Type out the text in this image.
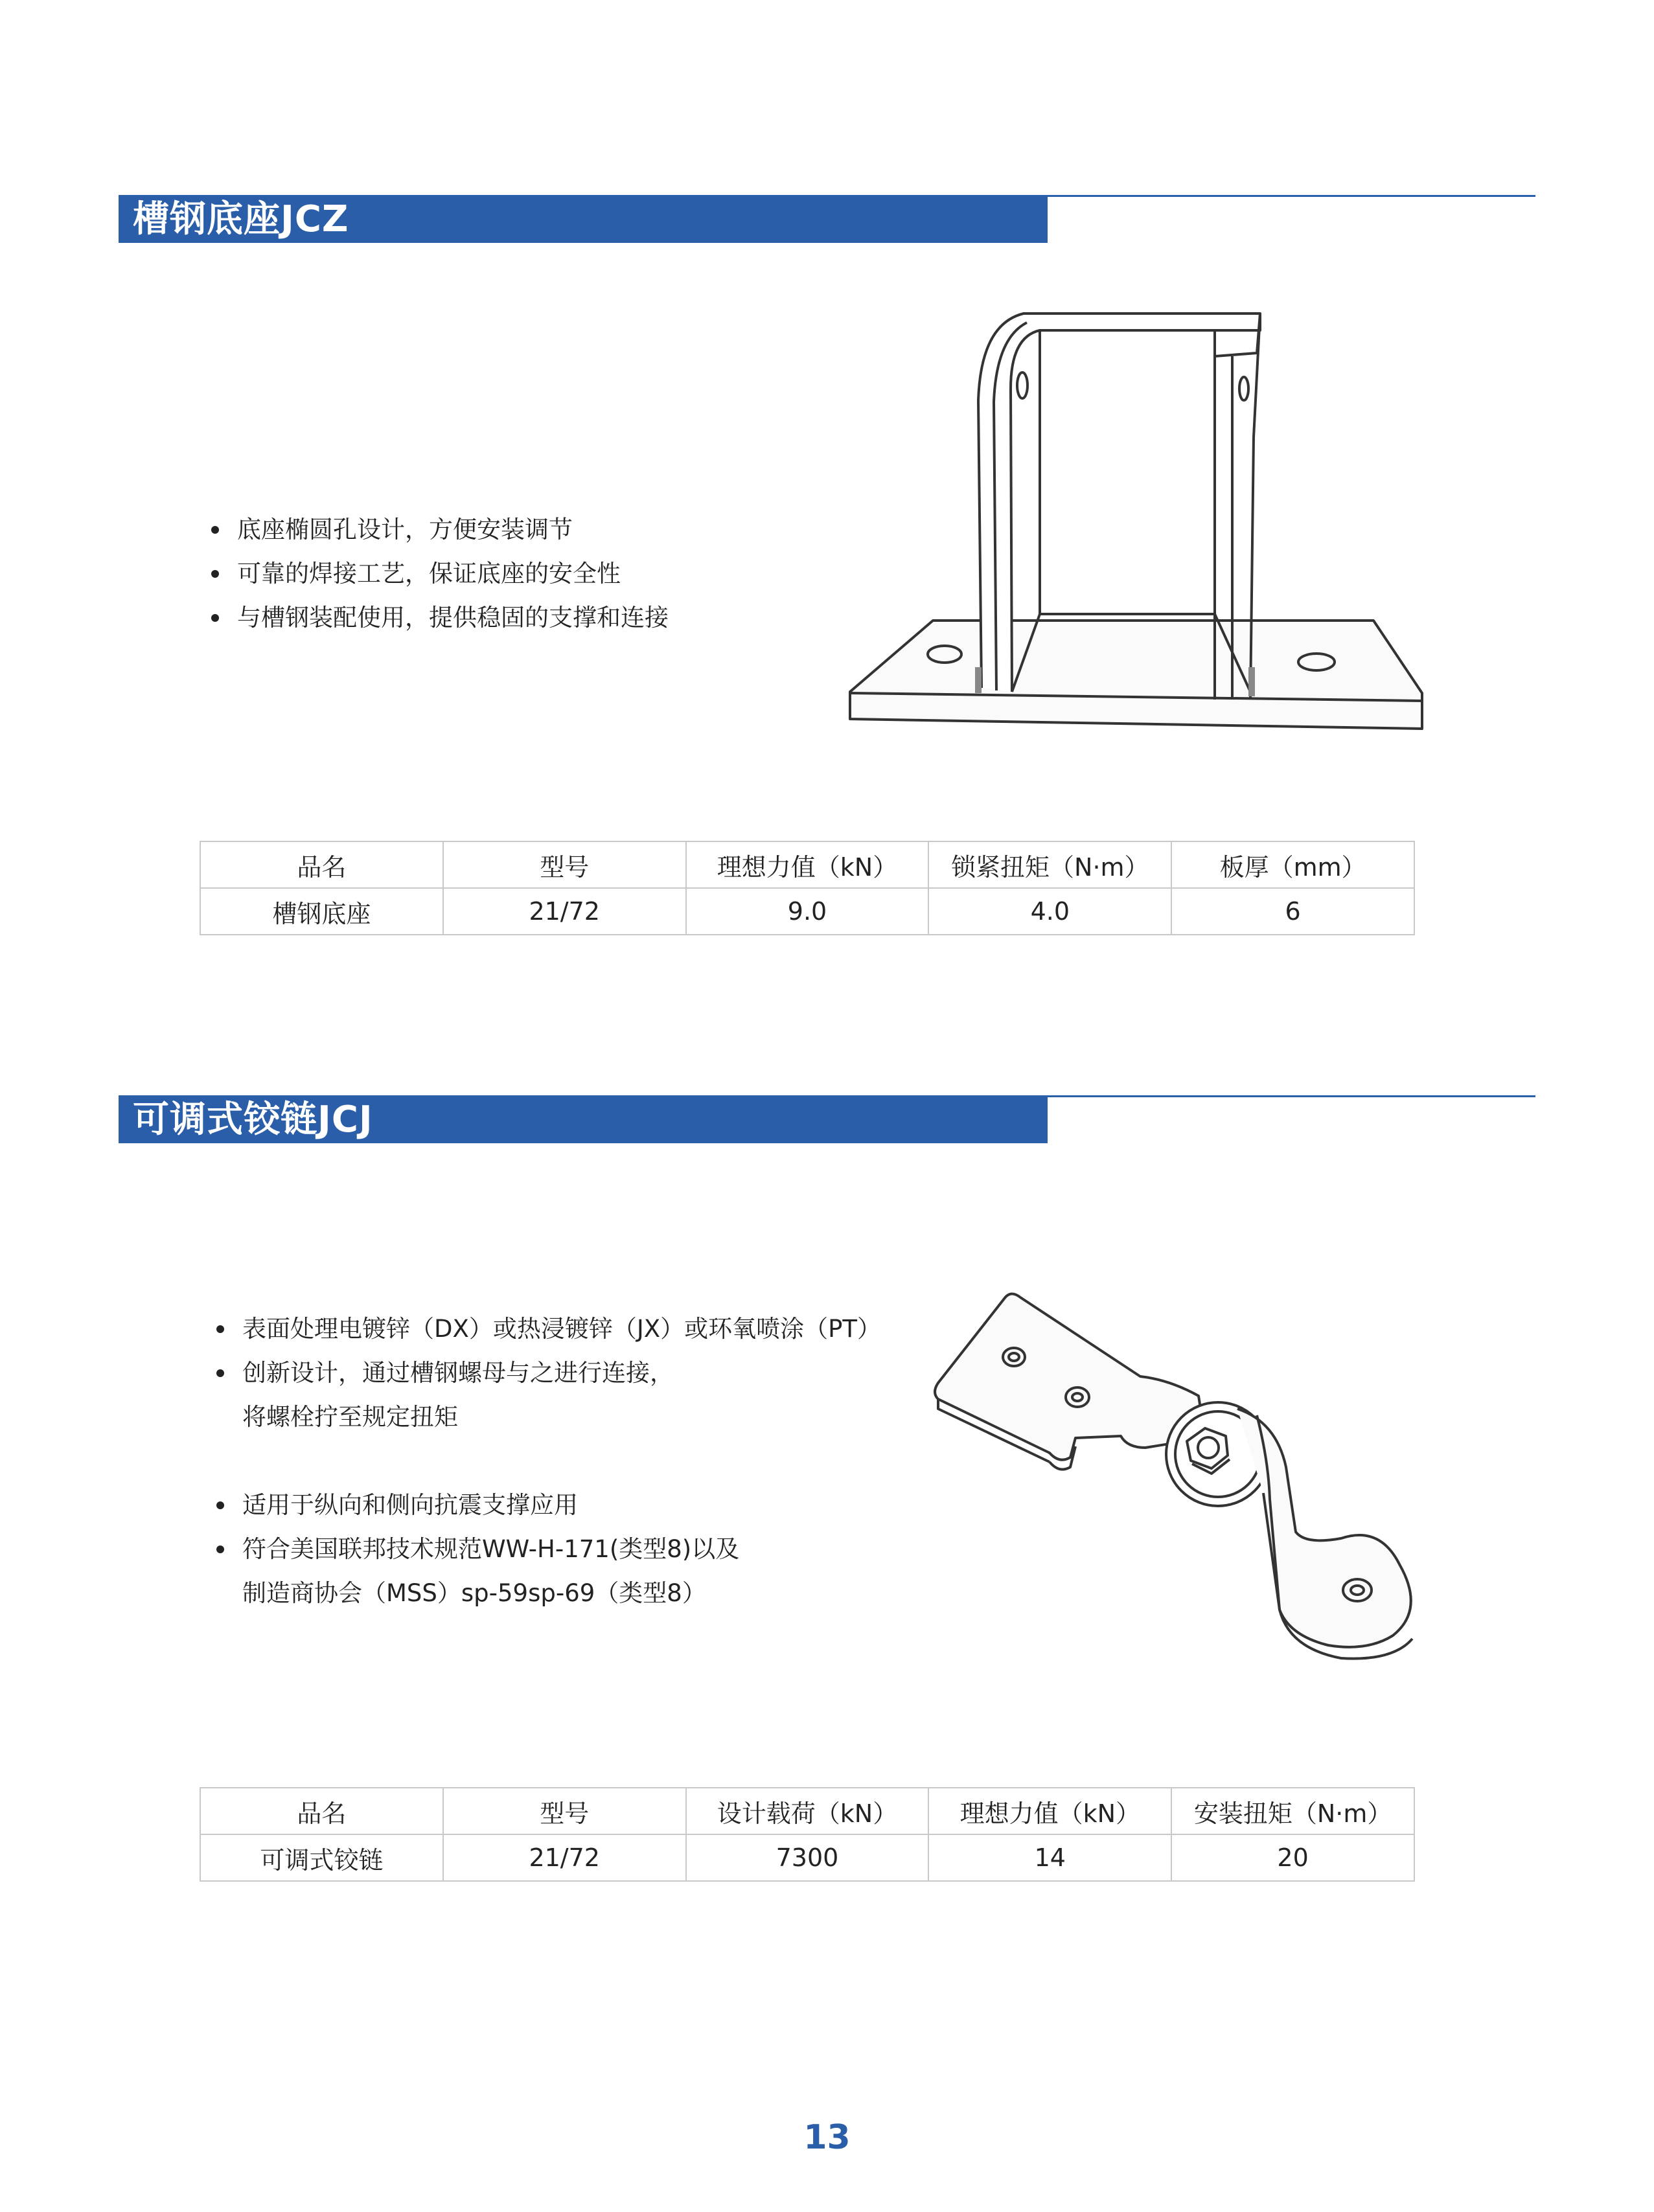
槽钢底座JCZ
底座椭圆孔设计，方便安装调节
可靠的焊接工艺，保证底座的安全性
与槽钢装配使用，提供稳固的支撑和连接
品名	型号	理想力值（kN）	锁紧扭矩（N·m）	板厚（mm）
槽钢底座	21/72	9.0	4.0	6
可调式铰链JCJ
表面处理电镀锌（DX）或热浸镀锌（JX）或环氧喷涂（PT）
创新设计，通过槽钢螺母与之进行连接，
将螺栓拧至规定扭矩
适用于纵向和侧向抗震支撑应用
符合美国联邦技术规范WW-H-171(类型8)以及
制造商协会（MSS）sp-59sp-69（类型8）
品名	型号	设计载荷（kN）	理想力值（kN）	安装扭矩（N·m）
可调式铰链	21/72	7300	14	20
13
